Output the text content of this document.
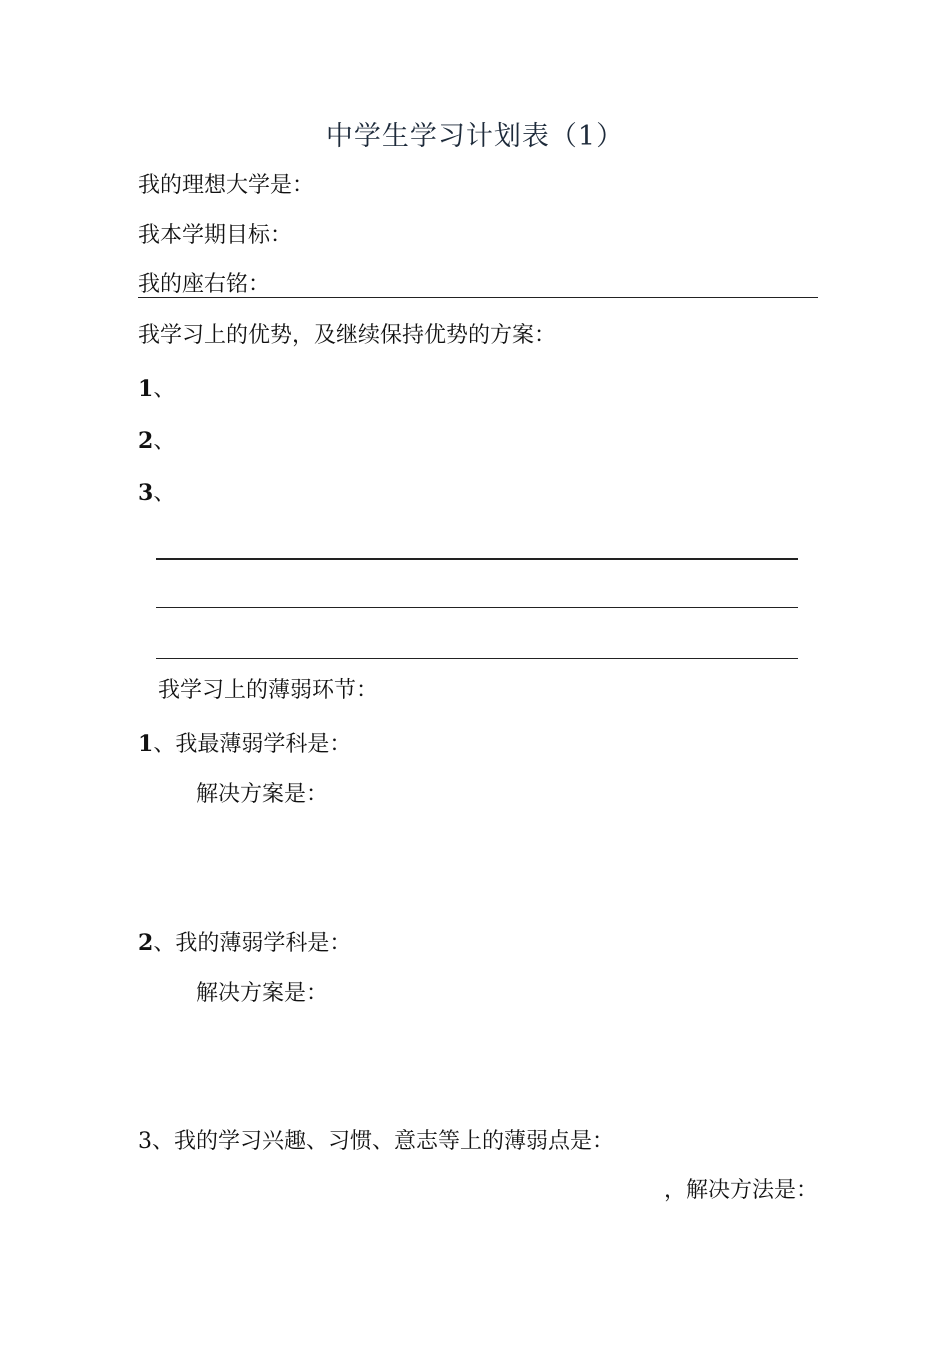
中学生学习计划表（1）
我的理想大学是：
我本学期目标：
我的座右铭：
我学习上的优势，及继续保持优势的方案：
1、
2、
3、
我学习上的薄弱环节：
1、我最薄弱学科是：
解决方案是：
2、我的薄弱学科是：
解决方案是：
3、我的学习兴趣、习惯、意志等上的薄弱点是：
，解决方法是：
